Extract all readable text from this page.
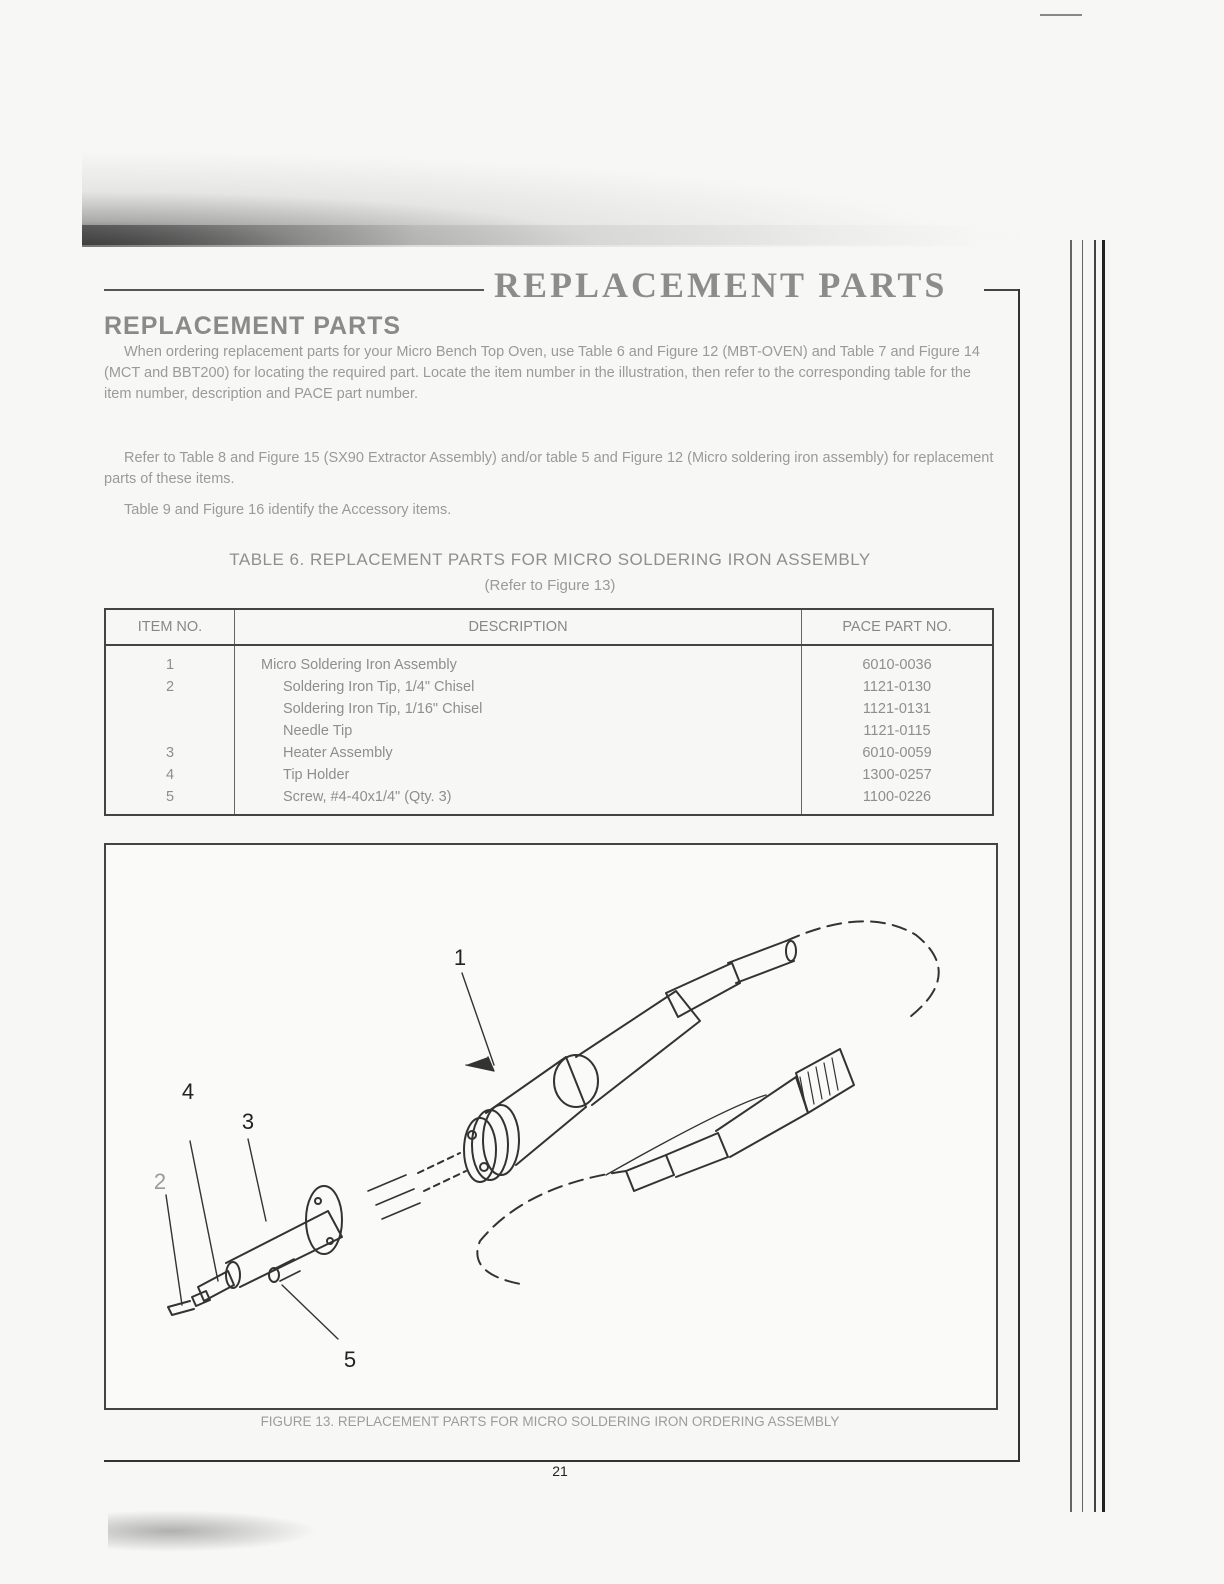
REPLACEMENT PARTS
REPLACEMENT PARTS

When ordering replacement parts for your Micro Bench Top Oven, use Table 6 and Figure 12 (MBT-OVEN) and Table 7 and Figure 14 (MCT and BBT200) for locating the required part. Locate the item number in the illustration, then refer to the corresponding table for the item number, description and PACE part number.

Refer to Table 8 and Figure 15 (SX90 Extractor Assembly) and/or table 5 and Figure 12 (Micro soldering iron assembly) for replacement parts of these items.

Table 9 and Figure 16 identify the Accessory items.

TABLE 6. REPLACEMENT PARTS FOR MICRO SOLDERING IRON ASSEMBLY
(Refer to Figure 13)
ITEM NO.	DESCRIPTION	PACE PART NO.
1	Micro Soldering Iron Assembly	6010-0036
2	Soldering Iron Tip, 1/4" Chisel	1121-0130
	Soldering Iron Tip, 1/16" Chisel	1121-0131
	Needle Tip	1121-0115
3	Heater Assembly	6010-0059
4	Tip Holder	1300-0257
5	Screw, #4-40x1/4" (Qty. 3)	1100-0226
1
2
3
4
5
FIGURE 13. REPLACEMENT PARTS FOR MICRO SOLDERING IRON ORDERING ASSEMBLY
21
